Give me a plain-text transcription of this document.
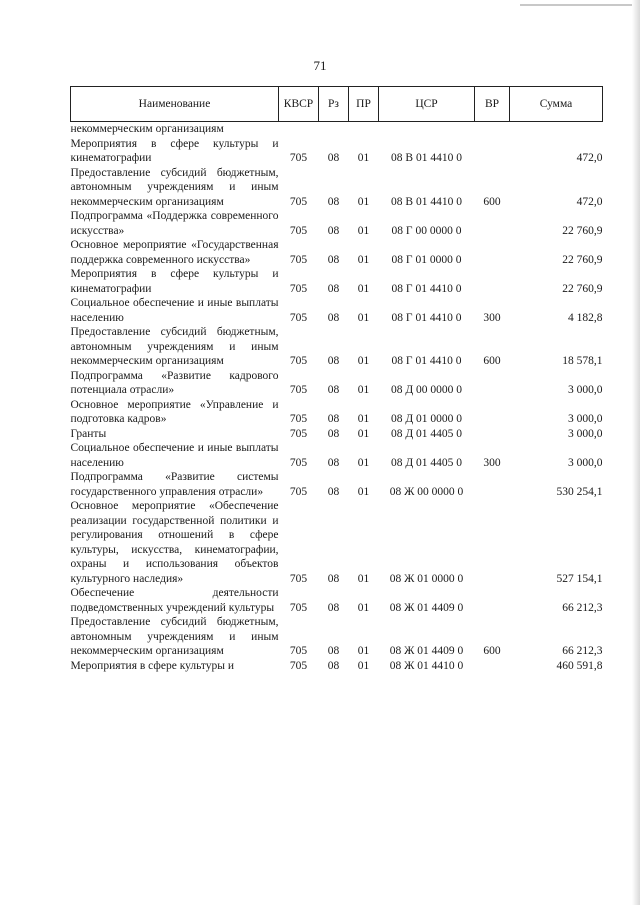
71
Наименование	КВСР	Рз	ПР	ЦСР	ВР	Сумма
некоммерческим организациям						
Мероприятия в сфере культуры и кинематографии	705	08	01	08 В 01 4410 0		472,0
Предоставление субсидий бюджетным, автономным учреждениям и иным некоммерческим организациям	705	08	01	08 В 01 4410 0	600	472,0
Подпрограмма «Поддержка современного искусства»	705	08	01	08 Г 00 0000 0		22 760,9
Основное мероприятие «Государственная поддержка современного искусства»	705	08	01	08 Г 01 0000 0		22 760,9
Мероприятия в сфере культуры и кинематографии	705	08	01	08 Г 01 4410 0		22 760,9
Социальное обеспечение и иные выплаты населению	705	08	01	08 Г 01 4410 0	300	4 182,8
Предоставление субсидий бюджетным, автономным учреждениям и иным некоммерческим организациям	705	08	01	08 Г 01 4410 0	600	18 578,1
Подпрограмма «Развитие кадрового потенциала отрасли»	705	08	01	08 Д 00 0000 0		3 000,0
Основное мероприятие «Управление и подготовка кадров»	705	08	01	08 Д 01 0000 0		3 000,0
Гранты	705	08	01	08 Д 01 4405 0		3 000,0
Социальное обеспечение и иные выплаты населению	705	08	01	08 Д 01 4405 0	300	3 000,0
Подпрограмма «Развитие системы государственного управления отрасли»	705	08	01	08 Ж 00 0000 0		530 254,1
Основное мероприятие «Обеспечение реализации государственной политики и регулирования отношений в сфере культуры, искусства, кинематографии, охраны и использования объектов культурного наследия»	705	08	01	08 Ж 01 0000 0		527 154,1
Обеспечение деятельности подведомственных учреждений культуры	705	08	01	08 Ж 01 4409 0		66 212,3
Предоставление субсидий бюджетным, автономным учреждениям и иным некоммерческим организациям	705	08	01	08 Ж 01 4409 0	600	66 212,3
Мероприятия в сфере культуры и	705	08	01	08 Ж 01 4410 0		460 591,8
